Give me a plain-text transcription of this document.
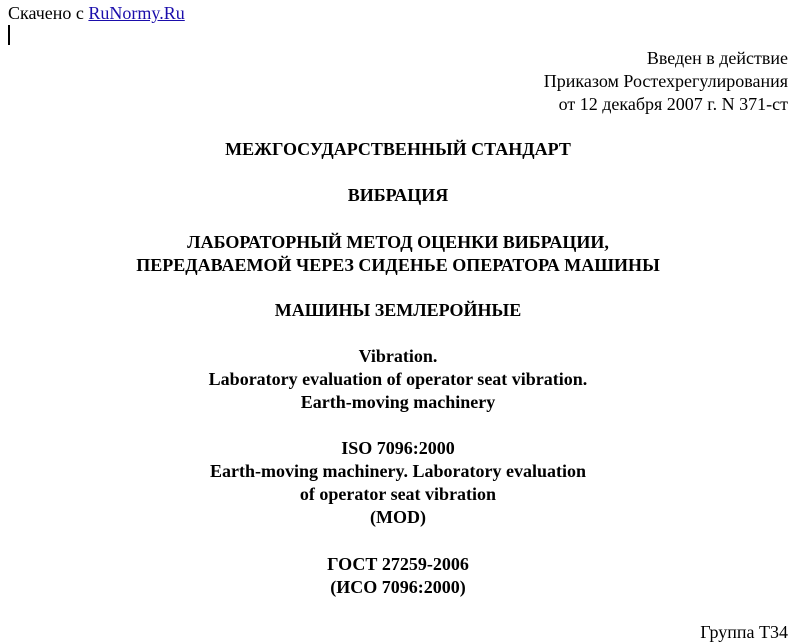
Скачено с RuNormy.Ru
Введен в действие
Приказом Ростехрегулирования
от 12 декабря 2007 г. N 371-ст
МЕЖГОСУДАРСТВЕННЫЙ СТАНДАРТ
ВИБРАЦИЯ
ЛАБОРАТОРНЫЙ МЕТОД ОЦЕНКИ ВИБРАЦИИ,
ПЕРЕДАВАЕМОЙ ЧЕРЕЗ СИДЕНЬЕ ОПЕРАТОРА МАШИНЫ
МАШИНЫ ЗЕМЛЕРОЙНЫЕ
Vibration.
Laboratory evaluation of operator seat vibration.
Earth-moving machinery
ISO 7096:2000
Earth-moving machinery. Laboratory evaluation
of operator seat vibration
(MOD)
ГОСТ 27259-2006
(ИСО 7096:2000)
Группа Т34
